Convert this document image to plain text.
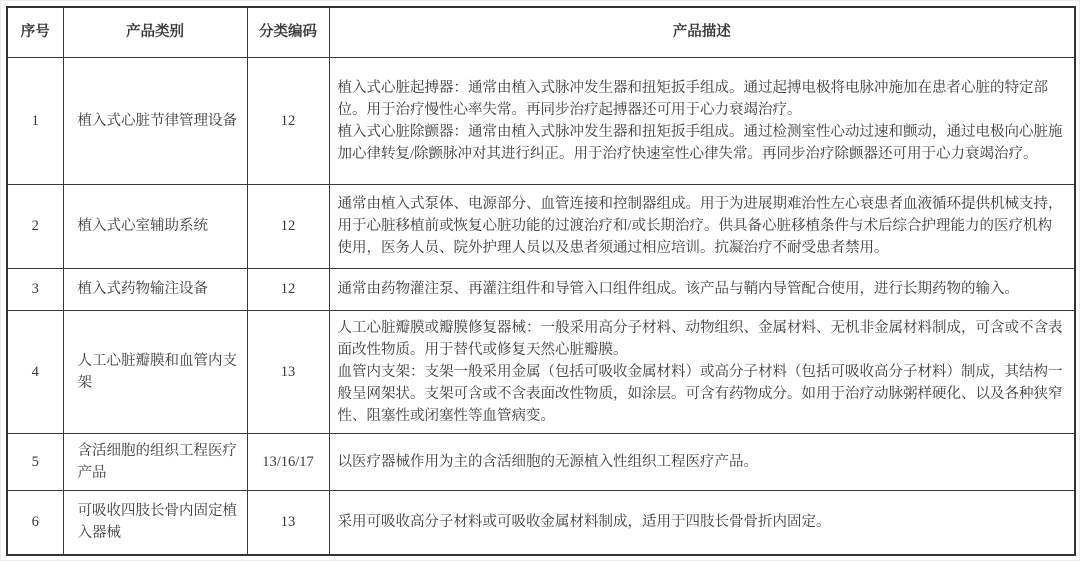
序号	产品类别	分类编码	产品描述
1	植入式心脏节律管理设备	12	植入式心脏起搏器：通常由植入式脉冲发生器和扭矩扳手组成。通过起搏电极将电脉冲施加在患者心脏的特定部位。用于治疗慢性心率失常。再同步治疗起搏器还可用于心力衰竭治疗。
植入式心脏除颤器：通常由植入式脉冲发生器和扭矩扳手组成。通过检测室性心动过速和颤动，通过电极向心脏施加心律转复/除颤脉冲对其进行纠正。用于治疗快速室性心律失常。再同步治疗除颤器还可用于心力衰竭治疗。

2	植入式心室辅助系统	12	通常由植入式泵体、电源部分、血管连接和控制器组成。用于为进展期难治性左心衰患者血液循环提供机械支持，用于心脏移植前或恢复心脏功能的过渡治疗和/或长期治疗。供具备心脏移植条件与术后综合护理能力的医疗机构使用，医务人员、院外护理人员以及患者须通过相应培训。抗凝治疗不耐受患者禁用。

3	植入式药物输注设备	12	通常由药物灌注泵、再灌注组件和导管入口组件组成。该产品与鞘内导管配合使用，进行长期药物的输入。

4	人工心脏瓣膜和血管内支架	13	人工心脏瓣膜或瓣膜修复器械：一般采用高分子材料、动物组织、金属材料、无机非金属材料制成，可含或不含表面改性物质。用于替代或修复天然心脏瓣膜。
血管内支架：支架一般采用金属（包括可吸收金属材料）或高分子材料（包括可吸收高分子材料）制成，其结构一般呈网架状。支架可含或不含表面改性物质，如涂层。可含有药物成分。如用于治疗动脉粥样硬化、以及各种狭窄性、阻塞性或闭塞性等血管病变。

5	含活细胞的组织工程医疗产品	13/16/17	以医疗器械作用为主的含活细胞的无源植入性组织工程医疗产品。

6	可吸收四肢长骨内固定植入器械	13	采用可吸收高分子材料或可吸收金属材料制成，适用于四肢长骨骨折内固定。
